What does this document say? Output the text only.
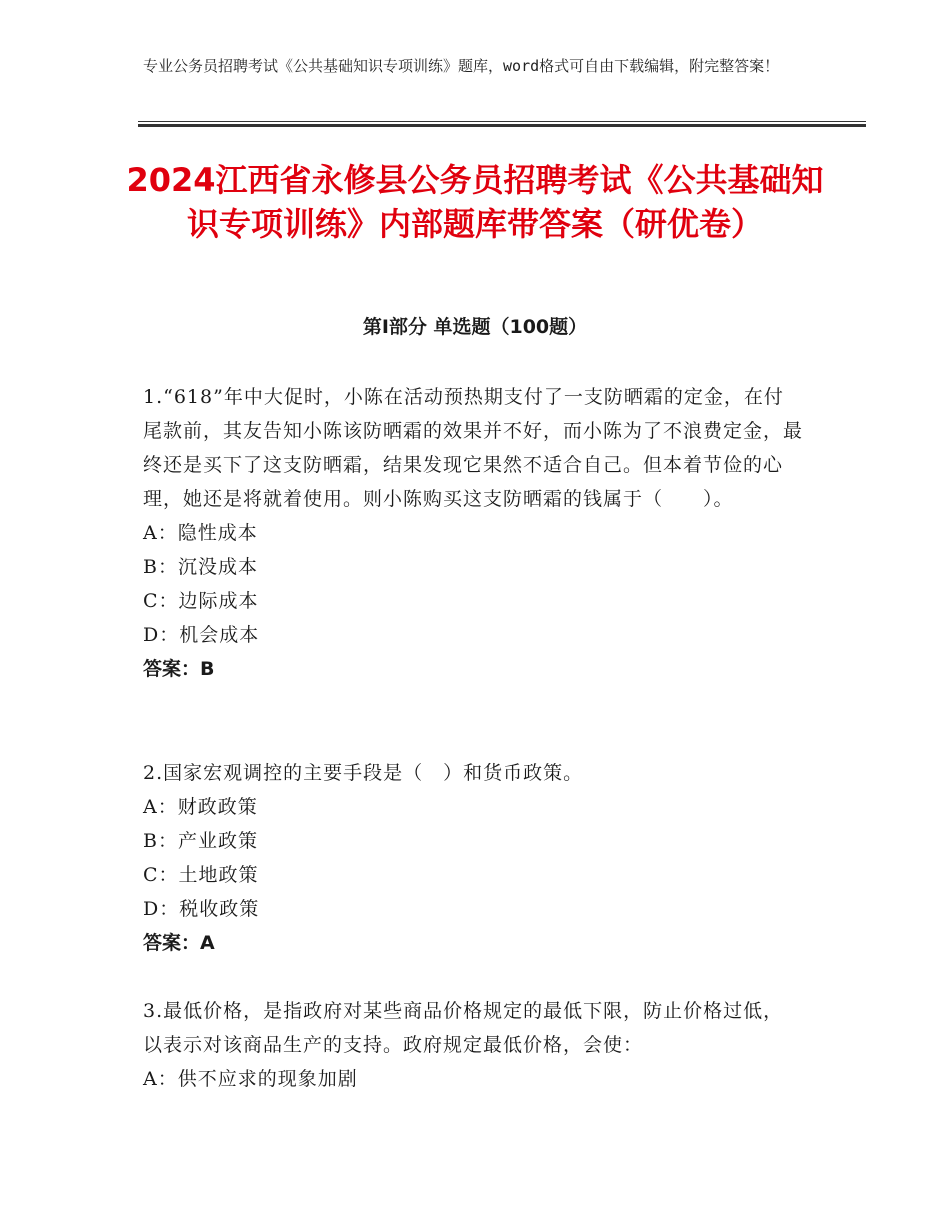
专业公务员招聘考试《公共基础知识专项训练》题库，word格式可自由下载编辑，附完整答案！
2024江西省永修县公务员招聘考试《公共基础知识专项训练》内部题库带答案（研优卷）
第Ⅰ部分 单选题（100题）
1.“618”年中大促时，小陈在活动预热期支付了一支防晒霜的定金，在付尾款前，其友告知小陈该防晒霜的效果并不好，而小陈为了不浪费定金，最终还是买下了这支防晒霜，结果发现它果然不适合自己。但本着节俭的心理，她还是将就着使用。则小陈购买这支防晒霜的钱属于（　　）。
A：隐性成本
B：沉没成本
C：边际成本
D：机会成本
答案：B
2.国家宏观调控的主要手段是（　）和货币政策。
A：财政政策
B：产业政策
C：土地政策
D：税收政策
答案：A
3.最低价格，是指政府对某些商品价格规定的最低下限，防止价格过低，以表示对该商品生产的支持。政府规定最低价格，会使：
A：供不应求的现象加剧
